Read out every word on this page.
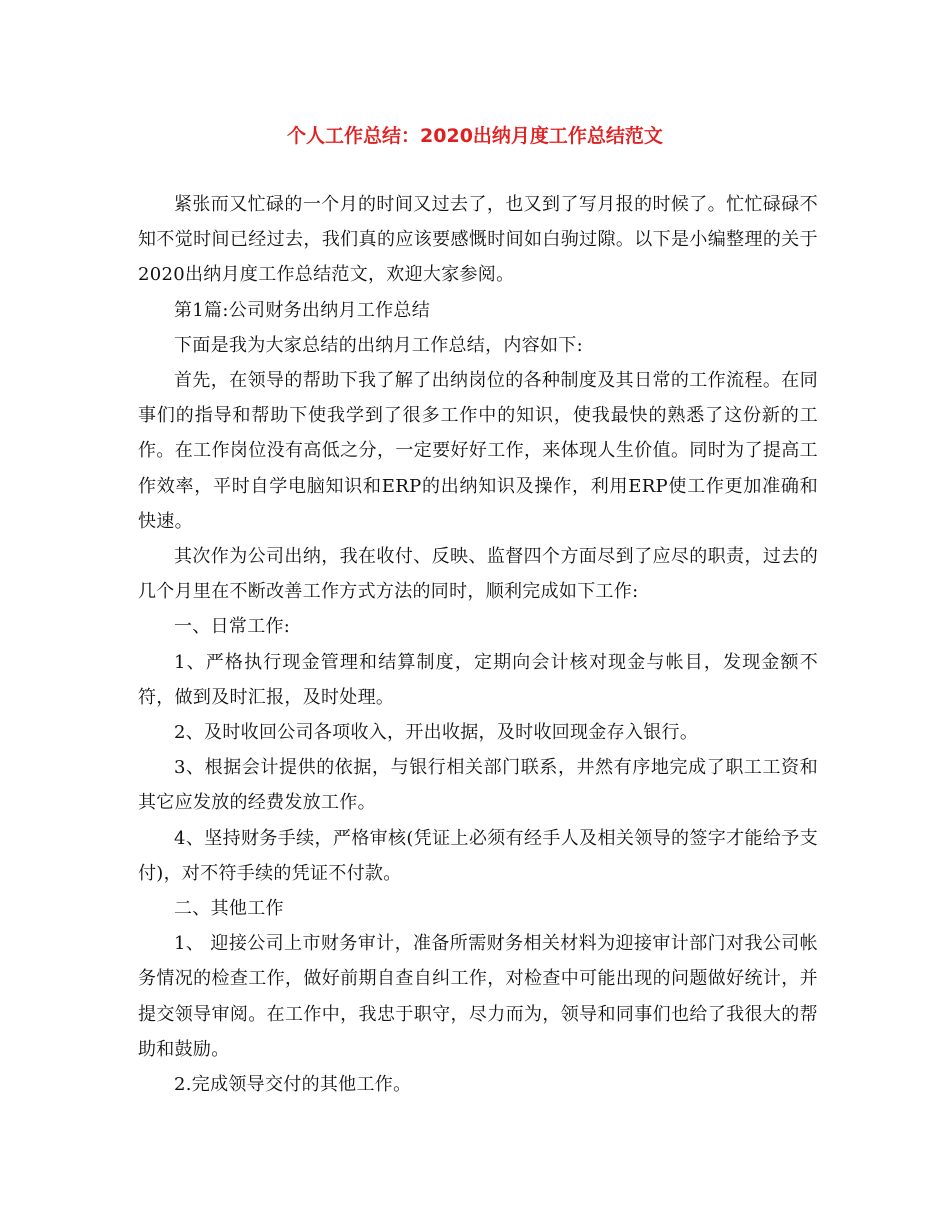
个人工作总结：2020出纳月度工作总结范文

紧张而又忙碌的一个月的时间又过去了，也又到了写月报的时候了。忙忙碌碌不知不觉时间已经过去，我们真的应该要感慨时间如白驹过隙。以下是小编整理的关于2020出纳月度工作总结范文，欢迎大家参阅。

第1篇:公司财务出纳月工作总结

下面是我为大家总结的出纳月工作总结，内容如下:

首先，在领导的帮助下我了解了出纳岗位的各种制度及其日常的工作流程。在同事们的指导和帮助下使我学到了很多工作中的知识，使我最快的熟悉了这份新的工作。在工作岗位没有高低之分，一定要好好工作，来体现人生价值。同时为了提高工作效率，平时自学电脑知识和ERP的出纳知识及操作，利用ERP使工作更加准确和快速。

其次作为公司出纳，我在收付、反映、监督四个方面尽到了应尽的职责，过去的几个月里在不断改善工作方式方法的同时，顺利完成如下工作:

一、日常工作:

1、严格执行现金管理和结算制度，定期向会计核对现金与帐目，发现金额不符，做到及时汇报，及时处理。

2、及时收回公司各项收入，开出收据，及时收回现金存入银行。

3、根据会计提供的依据，与银行相关部门联系，井然有序地完成了职工工资和其它应发放的经费发放工作。

4、坚持财务手续，严格审核(凭证上必须有经手人及相关领导的签字才能给予支付)，对不符手续的凭证不付款。

二、其他工作

1、 迎接公司上市财务审计，准备所需财务相关材料为迎接审计部门对我公司帐务情况的检查工作，做好前期自查自纠工作，对检查中可能出现的问题做好统计，并提交领导审阅。在工作中，我忠于职守，尽力而为，领导和同事们也给了我很大的帮助和鼓励。

2.完成领导交付的其他工作。
